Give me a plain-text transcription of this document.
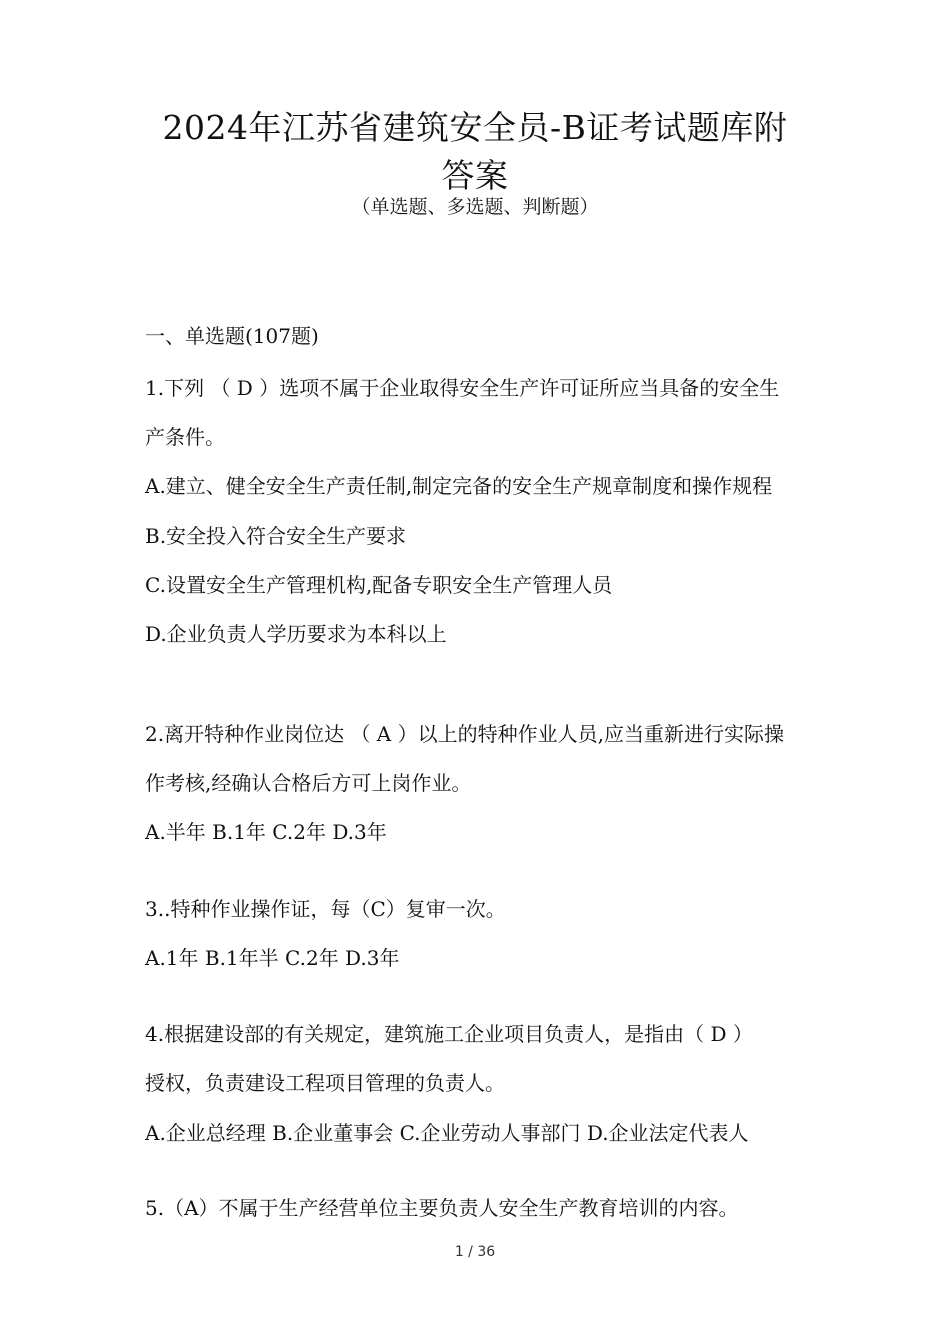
2024年江苏省建筑安全员-B证考试题库附
答案
（单选题、多选题、判断题）
一、单选题(107题)
1.下列 （ D ）选项不属于企业取得安全生产许可证所应当具备的安全生
产条件。
A.建立、健全安全生产责任制,制定完备的安全生产规章制度和操作规程
B.安全投入符合安全生产要求
C.设置安全生产管理机构,配备专职安全生产管理人员
D.企业负责人学历要求为本科以上
2.离开特种作业岗位达 （ A ）以上的特种作业人员,应当重新进行实际操
作考核,经确认合格后方可上岗作业。
A.半年 B.1年 C.2年 D.3年
3..特种作业操作证，每（C）复审一次。
A.1年 B.1年半 C.2年 D.3年
4.根据建设部的有关规定，建筑施工企业项目负责人，是指由（ D ）
授权，负责建设工程项目管理的负责人。
A.企业总经理 B.企业董事会 C.企业劳动人事部门 D.企业法定代表人
5.（A）不属于生产经营单位主要负责人安全生产教育培训的内容。
1 / 36
